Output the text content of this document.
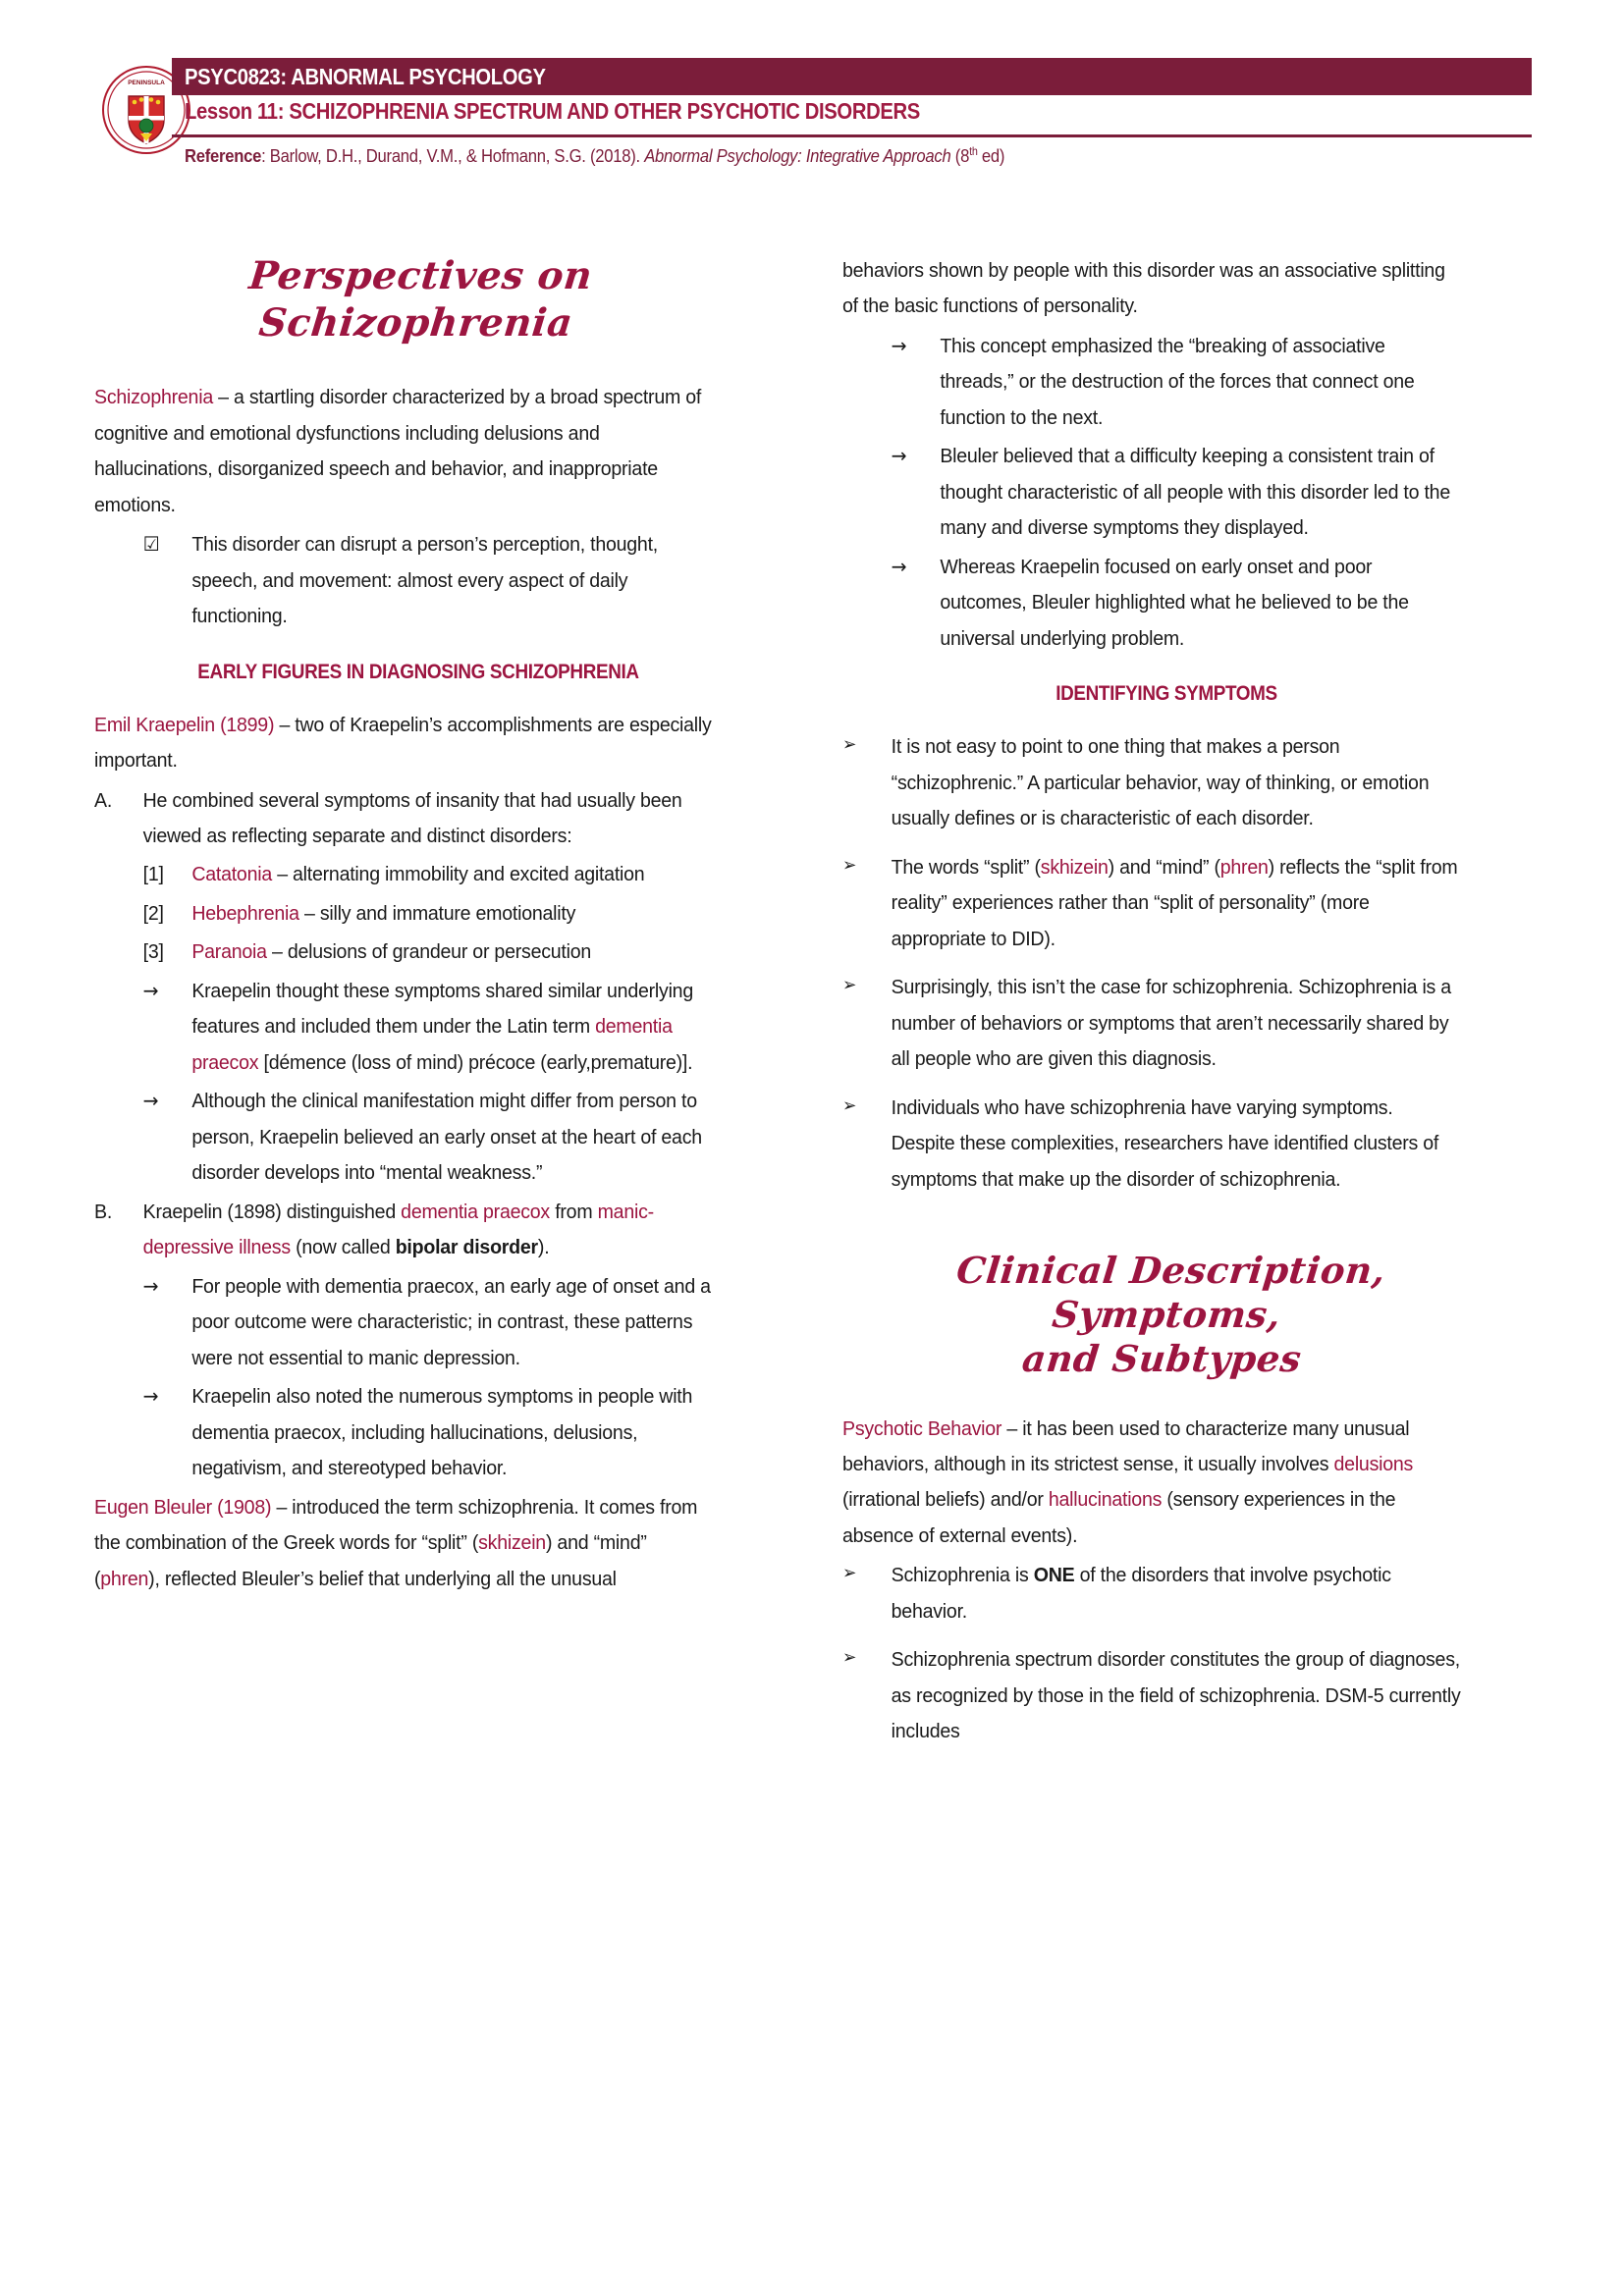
PENINSULA PSYC0823: ABNORMAL PSYCHOLOGY
Lesson 11: SCHIZOPHRENIA SPECTRUM AND OTHER PSYCHOTIC DISORDERS
Reference: Barlow, D.H., Durand, V.M., & Hofmann, S.G. (2018). Abnormal Psychology: Integrative Approach (8th ed)
Perspectives on Schizophrenia

Schizophrenia – a startling disorder characterized by a broad spectrum of cognitive and emotional dysfunctions including delusions and hallucinations, disorganized speech and behavior, and inappropriate emotions.

☑	This disorder can disrupt a person’s perception, thought, speech, and movement: almost every aspect of daily functioning.
EARLY FIGURES IN DIAGNOSING SCHIZOPHRENIA

Emil Kraepelin (1899) – two of Kraepelin’s accomplishments are especially important.

A.	He combined several symptoms of insanity that had usually been viewed as reflecting separate and distinct disorders:
[1]	Catatonia – alternating immobility and excited agitation
[2]	Hebephrenia – silly and immature emotionality
[3]	Paranoia – delusions of grandeur or persecution
→	Kraepelin thought these symptoms shared similar underlying features and included them under the Latin term dementia praecox [démence (loss of mind) précoce (early,premature)].
→	Although the clinical manifestation might differ from person to person, Kraepelin believed an early onset at the heart of each disorder develops into “mental weakness.”
B.	Kraepelin (1898) distinguished dementia praecox from manic-depressive illness (now called bipolar disorder).
→	For people with dementia praecox, an early age of onset and a poor outcome were characteristic; in contrast, these patterns were not essential to manic depression.
→	Kraepelin also noted the numerous symptoms in people with dementia praecox, including hallucinations, delusions, negativism, and stereotyped behavior.

Eugen Bleuler (1908) – introduced the term schizophrenia. It comes from the combination of the Greek words for “split” (skhizein) and “mind” (phren), reflected Bleuler’s belief that underlying all the unusual

behaviors shown by people with this disorder was an associative splitting of the basic functions of personality.

→	This concept emphasized the “breaking of associative threads,” or the destruction of the forces that connect one function to the next.
→	Bleuler believed that a difficulty keeping a consistent train of thought characteristic of all people with this disorder led to the many and diverse symptoms they displayed.
→	Whereas Kraepelin focused on early onset and poor outcomes, Bleuler highlighted what he believed to be the universal underlying problem.
IDENTIFYING SYMPTOMS
➢	It is not easy to point to one thing that makes a person “schizophrenic.” A particular behavior, way of thinking, or emotion usually defines or is characteristic of each disorder.
➢	The words “split” (skhizein) and “mind” (phren) reflects the “split from reality” experiences rather than “split of personality” (more appropriate to DID).
➢	Surprisingly, this isn’t the case for schizophrenia. Schizophrenia is a number of behaviors or symptoms that aren’t necessarily shared by all people who are given this diagnosis.
➢	Individuals who have schizophrenia have varying symptoms. Despite these complexities, researchers have identified clusters of symptoms that make up the disorder of schizophrenia.
Clinical Description, Symptoms,
and Subtypes

Psychotic Behavior – it has been used to characterize many unusual behaviors, although in its strictest sense, it usually involves delusions (irrational beliefs) and/or hallucinations (sensory experiences in the absence of external events).

➢	Schizophrenia is ONE of the disorders that involve psychotic behavior.
➢	Schizophrenia spectrum disorder constitutes the group of diagnoses, as recognized by those in the field of schizophrenia. DSM-5 currently includes
